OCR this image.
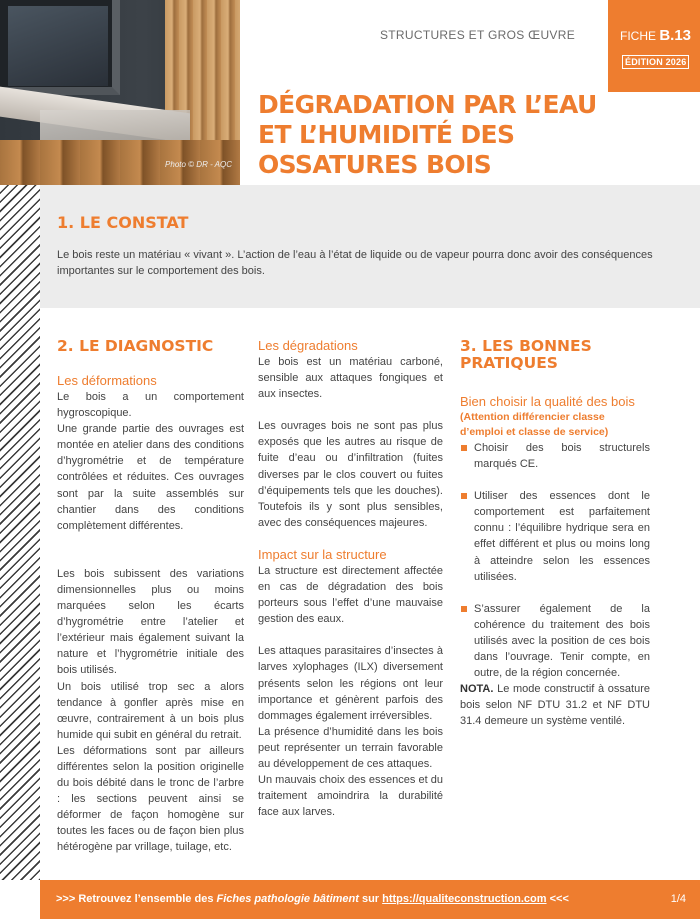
Photo © DR - AQC
STRUCTURES ET GROS ŒUVRE	FICHE B.13
ÉDITION 2026
DÉGRADATION PAR L’EAU ET L’HUMIDITÉ DES OSSATURES BOIS
1. LE CONSTAT

Le bois reste un matériau « vivant ». L’action de l’eau à l’état de liquide ou de vapeur pourra donc avoir des conséquences importantes sur le comportement des bois.

2. LE DIAGNOSTIC
Les déformations

Le bois a un comportement hygroscopique.

Une grande partie des ouvrages est montée en atelier dans des conditions d’hygrométrie et de température contrôlées et réduites. Ces ouvrages sont par la suite assemblés sur chantier dans des conditions complètement différentes.

Les bois subissent des variations dimensionnelles plus ou moins marquées selon les écarts d’hygrométrie entre l’atelier et l’extérieur mais également suivant la nature et l’hygrométrie initiale des bois utilisés.

Un bois utilisé trop sec a alors tendance à gonfler après mise en œuvre, contrairement à un bois plus humide qui subit en général du retrait.

Les déformations sont par ailleurs différentes selon la position originelle du bois débité dans le tronc de l’arbre : les sections peuvent ainsi se déformer de façon homogène sur toutes les faces ou de façon bien plus hétérogène par vrillage, tuilage, etc.

Les dégradations

Le bois est un matériau carboné, sensible aux attaques fongiques et aux insectes.

Les ouvrages bois ne sont pas plus exposés que les autres au risque de fuite d’eau ou d’infiltration (fuites diverses par le clos couvert ou fuites d’équipements tels que les douches). Toutefois ils y sont plus sensibles, avec des conséquences majeures.

Impact sur la structure

La structure est directement affectée en cas de dégradation des bois porteurs sous l’effet d’une mauvaise gestion des eaux.

Les attaques parasitaires d’insectes à larves xylophages (ILX) diversement présents selon les régions ont leur importance et génèrent parfois des dommages également irréversibles.

La présence d’humidité dans les bois peut représenter un terrain favorable au développement de ces attaques.

Un mauvais choix des essences et du traitement amoindrira la durabilité face aux larves.

3. LES BONNES PRATIQUES
Bien choisir la qualité des bois
(Attention différencier classe d’emploi et classe de service)
Choisir des bois structurels marqués CE.
Utiliser des essences dont le comportement est parfaitement connu : l’équilibre hydrique sera en effet différent et plus ou moins long à atteindre selon les essences utilisées.
S’assurer également de la cohérence du traitement des bois utilisés avec la position de ces bois dans l’ouvrage. Tenir compte, en outre, de la région concernée.

NOTA. Le mode constructif à ossature bois selon NF DTU 31.2 et NF DTU 31.4 demeure un système ventilé.

>>> Retrouvez l’ensemble des Fiches pathologie bâtiment sur https://qualiteconstruction.com <<<	1/4
